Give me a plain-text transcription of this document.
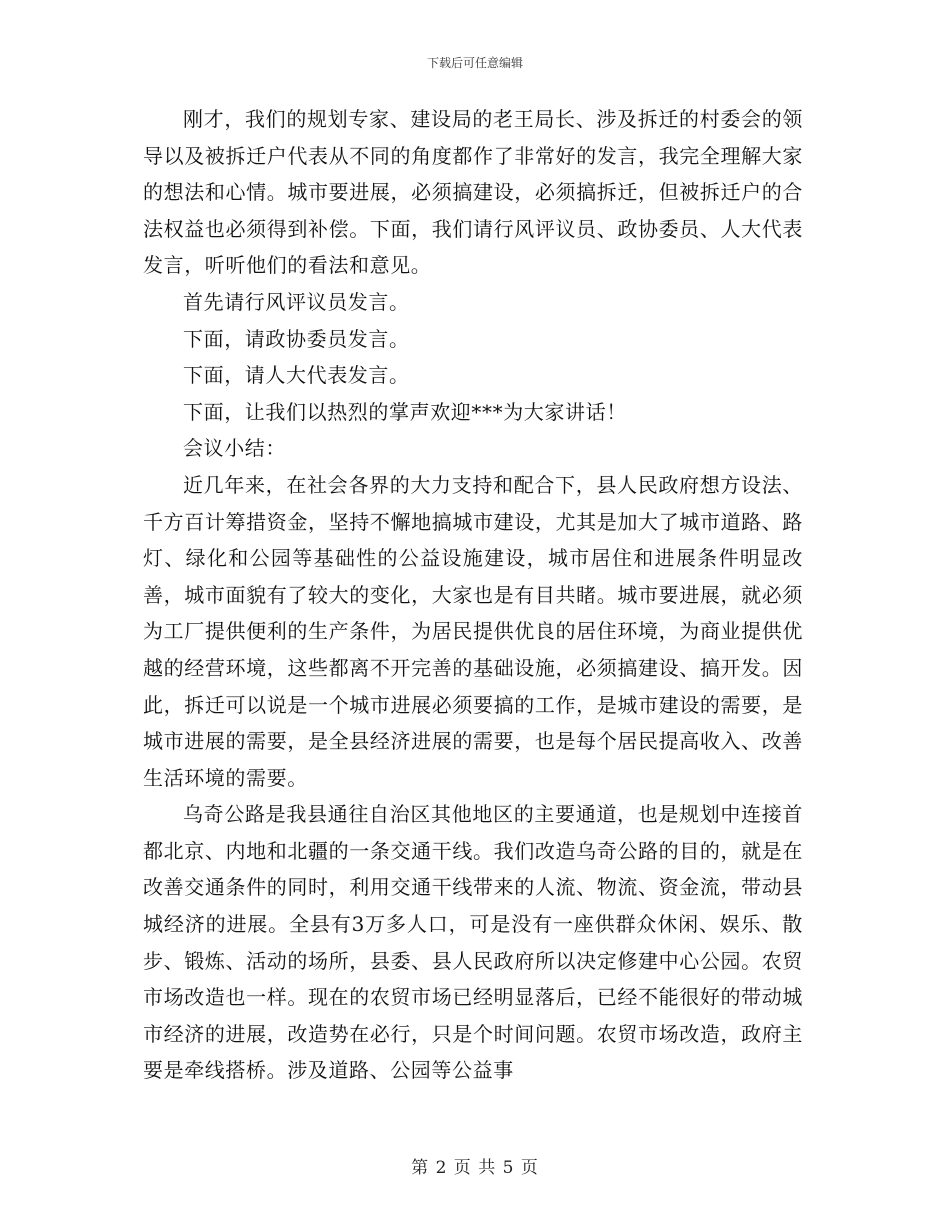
下载后可任意编辑

刚才，我们的规划专家、建设局的老王局长、涉及拆迁的村委会的领导以及被拆迁户代表从不同的角度都作了非常好的发言，我完全理解大家的想法和心情。城市要进展，必须搞建设，必须搞拆迁，但被拆迁户的合法权益也必须得到补偿。下面，我们请行风评议员、政协委员、人大代表发言，听听他们的看法和意见。

首先请行风评议员发言。

下面，请政协委员发言。

下面，请人大代表发言。

下面，让我们以热烈的掌声欢迎***为大家讲话！

会议小结：

近几年来，在社会各界的大力支持和配合下，县人民政府想方设法、千方百计筹措资金，坚持不懈地搞城市建设，尤其是加大了城市道路、路灯、绿化和公园等基础性的公益设施建设，城市居住和进展条件明显改善，城市面貌有了较大的变化，大家也是有目共睹。城市要进展，就必须为工厂提供便利的生产条件，为居民提供优良的居住环境，为商业提供优越的经营环境，这些都离不开完善的基础设施，必须搞建设、搞开发。因此，拆迁可以说是一个城市进展必须要搞的工作，是城市建设的需要，是城市进展的需要，是全县经济进展的需要，也是每个居民提高收入、改善生活环境的需要。

乌奇公路是我县通往自治区其他地区的主要通道，也是规划中连接首都北京、内地和北疆的一条交通干线。我们改造乌奇公路的目的，就是在改善交通条件的同时，利用交通干线带来的人流、物流、资金流，带动县城经济的进展。全县有3万多人口，可是没有一座供群众休闲、娱乐、散步、锻炼、活动的场所，县委、县人民政府所以决定修建中心公园。农贸市场改造也一样。现在的农贸市场已经明显落后，已经不能很好的带动城市经济的进展，改造势在必行，只是个时间问题。农贸市场改造，政府主要是牵线搭桥。涉及道路、公园等公益事

第 2 页 共 5 页
